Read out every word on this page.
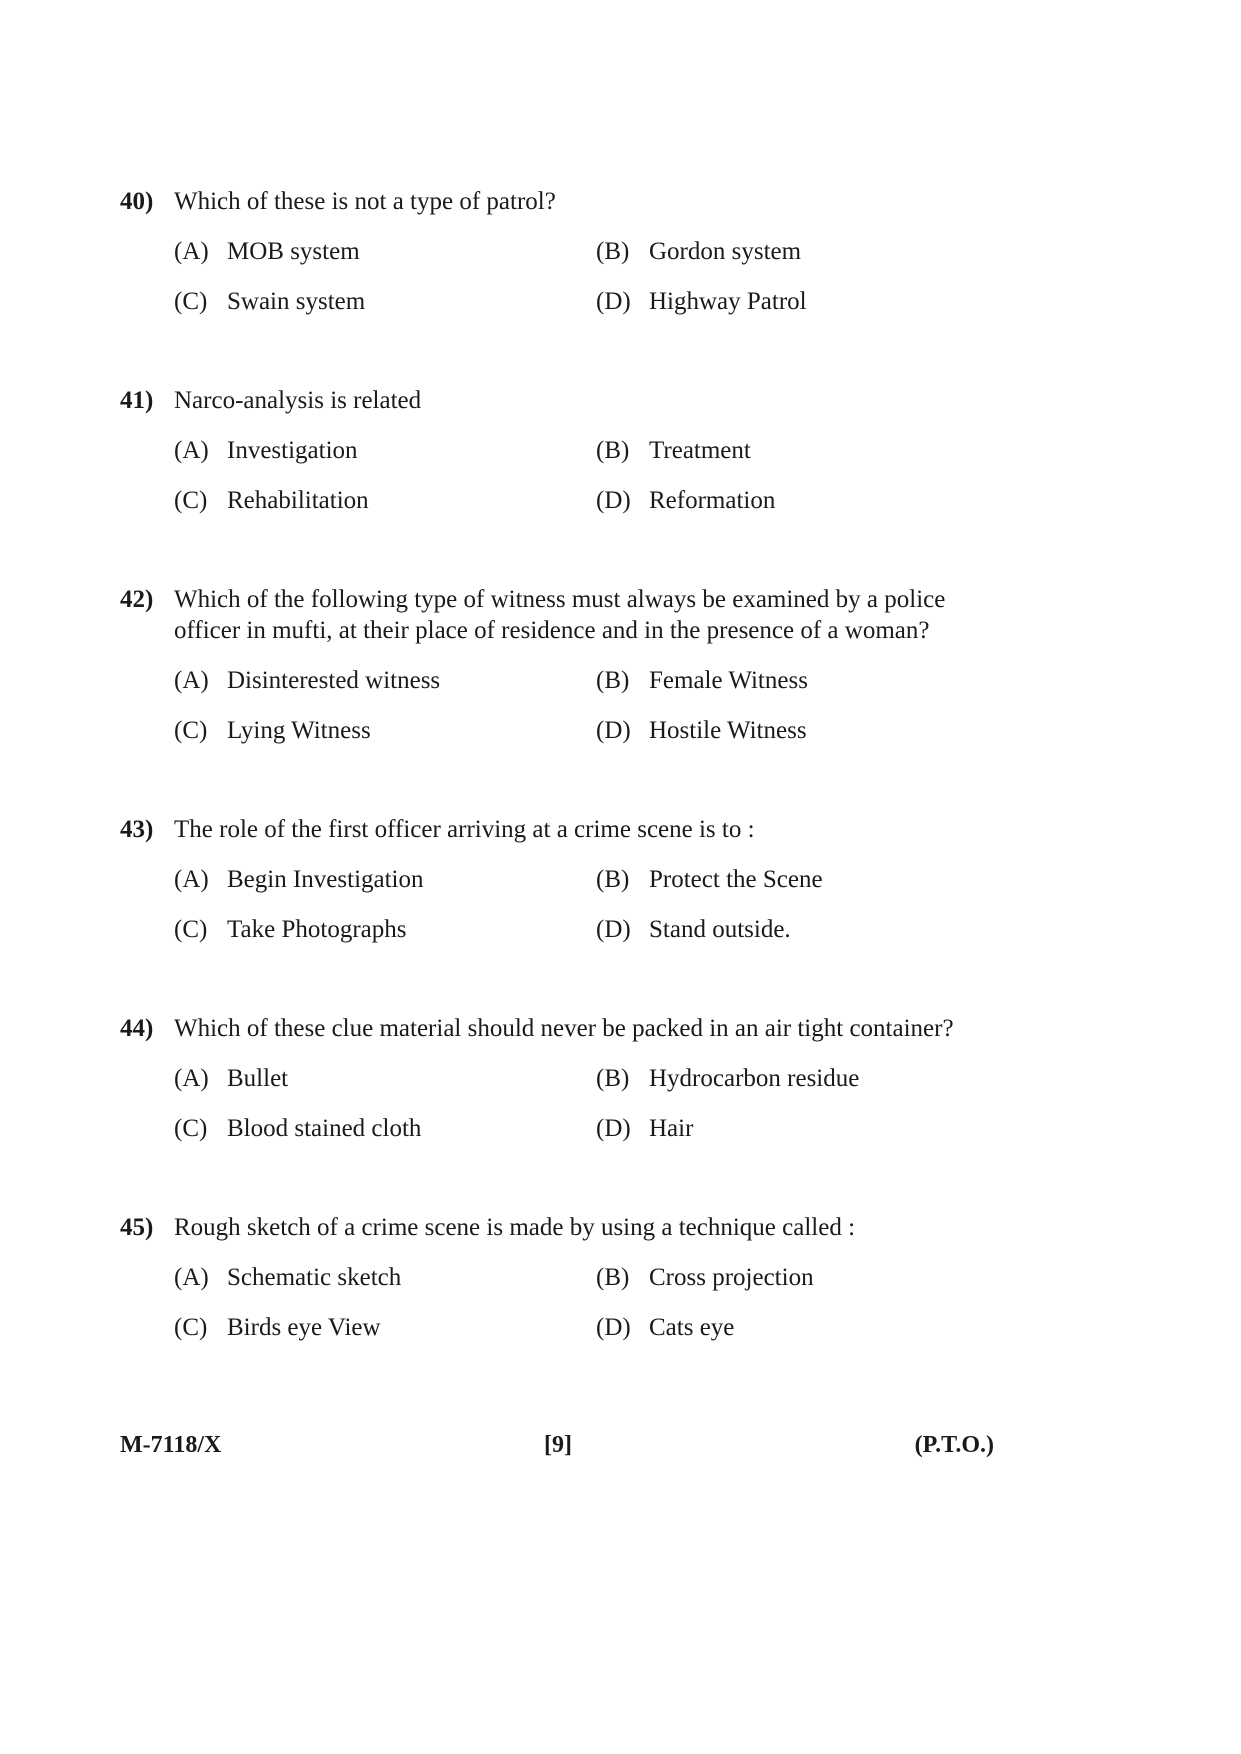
40) Which of these is not a type of patrol?

(A) MOB system	(B) Gordon system
(C) Swain system	(D) Highway Patrol

41) Narco-analysis is related

(A) Investigation	(B) Treatment
(C) Rehabilitation	(D) Reformation

42) Which of the following type of witness must always be examined by a police officer in mufti, at their place of residence and in the presence of a woman?

(A) Disinterested witness	(B) Female Witness
(C) Lying Witness	(D) Hostile Witness

43) The role of the first officer arriving at a crime scene is to :

(A) Begin Investigation	(B) Protect the Scene
(C) Take Photographs	(D) Stand outside.

44) Which of these clue material should never be packed in an air tight container?

(A) Bullet	(B) Hydrocarbon residue
(C) Blood stained cloth	(D) Hair

45) Rough sketch of a crime scene is made by using a technique called :

(A) Schematic sketch	(B) Cross projection
(C) Birds eye View	(D) Cats eye
M-7118/X	[9]	(P.T.O.)
